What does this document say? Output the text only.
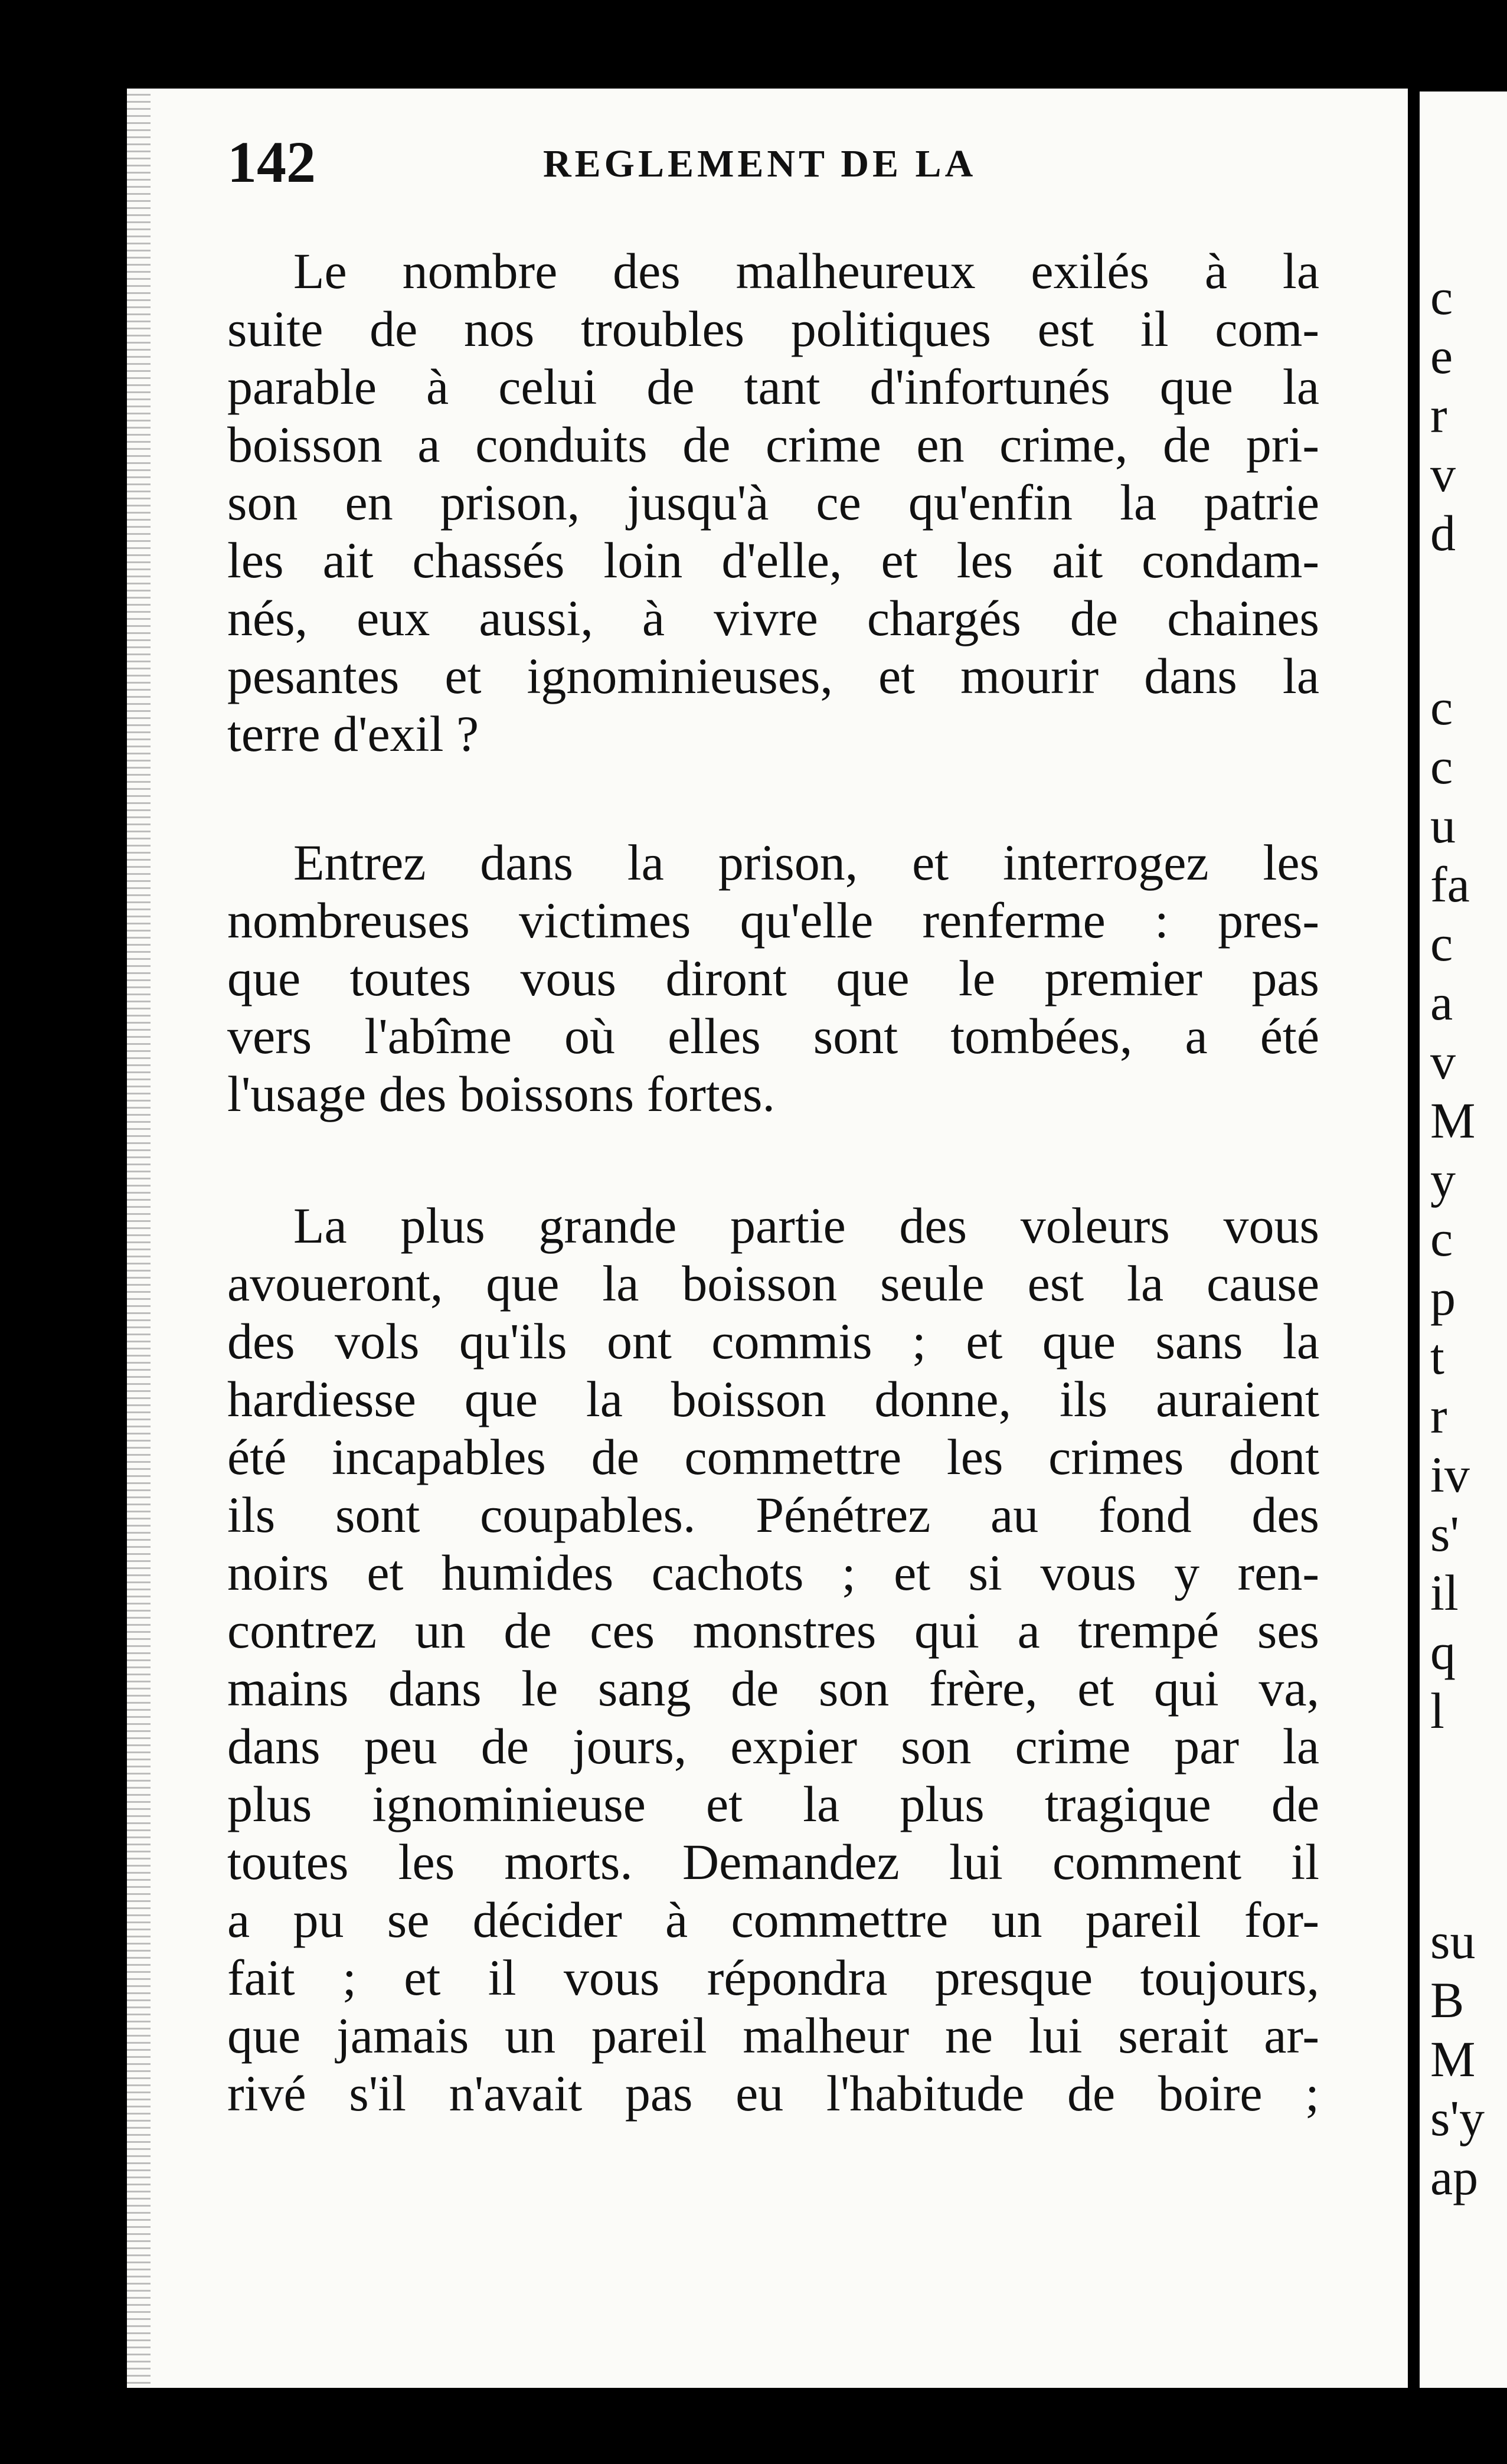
142	REGLEMENT DE LA

Le nombre des malheureux exilés à la
suite de nos troubles politiques est il com-
parable à celui de tant d'infortunés que la
boisson a conduits de crime en crime, de pri-
son en prison, jusqu'à ce qu'enfin la patrie
les ait chassés loin d'elle, et les ait condam-
nés, eux aussi, à vivre chargés de chaines
pesantes et ignominieuses, et mourir dans la
terre d'exil ?

Entrez dans la prison, et interrogez les
nombreuses victimes qu'elle renferme : pres-
que toutes vous diront que le premier pas
vers l'abîme où elles sont tombées, a été
l'usage des boissons fortes.

La plus grande partie des voleurs vous
avoueront, que la boisson seule est la cause
des vols qu'ils ont commis ; et que sans la
hardiesse que la boisson donne, ils auraient
été incapables de commettre les crimes dont
ils sont coupables. Pénétrez au fond des
noirs et humides cachots ; et si vous y ren-
contrez un de ces monstres qui a trempé ses
mains dans le sang de son frère, et qui va,
dans peu de jours, expier son crime par la
plus ignominieuse et la plus tragique de
toutes les morts. Demandez lui comment il
a pu se décider à commettre un pareil for-
fait ; et il vous répondra presque toujours,
que jamais un pareil malheur ne lui serait ar-
rivé s'il n'avait pas eu l'habitude de boire ;

c
e
r
v
d
c
c
u
fa
c
a
v
M
y
c
p
t
r
iv
s'
il
q
l
su
B
M
s'y
ap
